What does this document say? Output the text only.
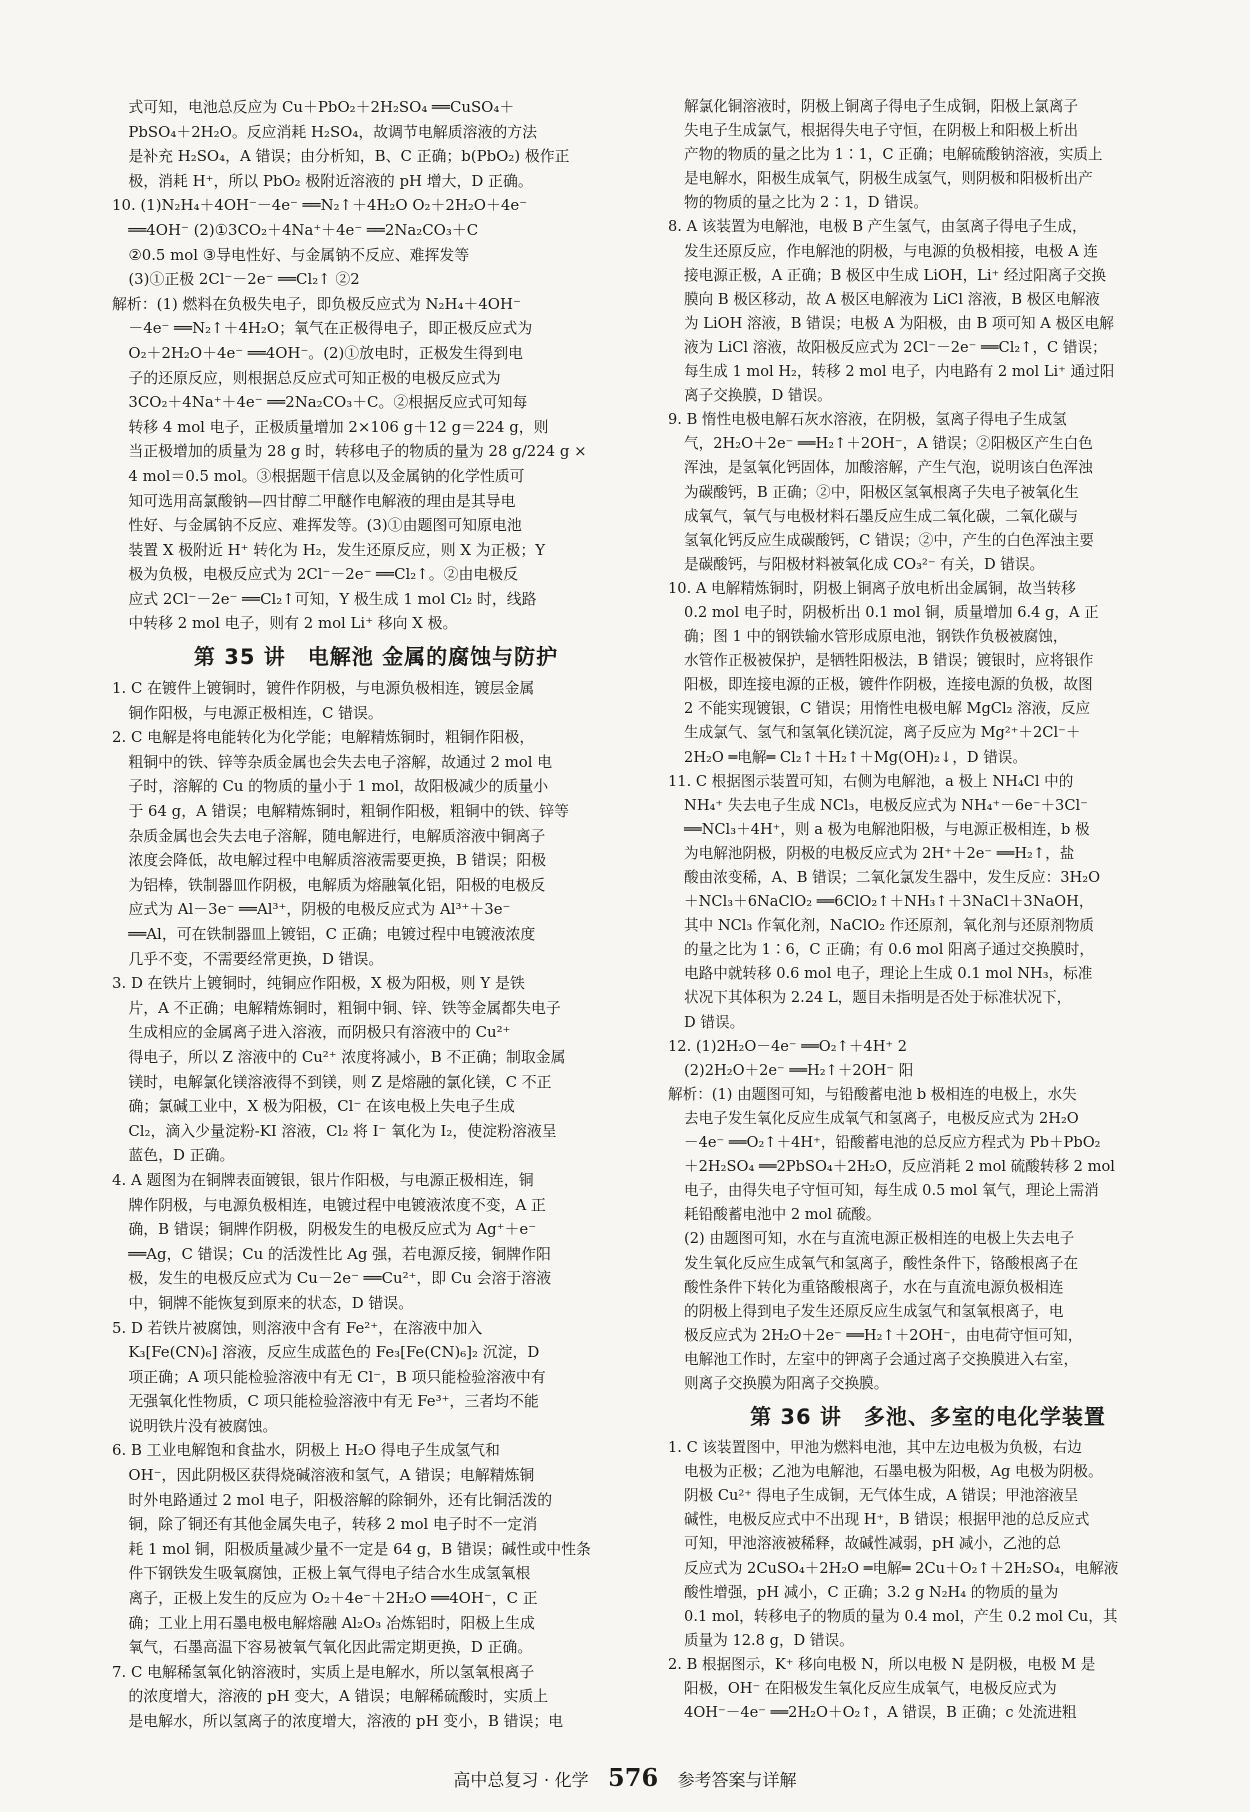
式可知，电池总反应为 Cu＋PbO₂＋2H₂SO₄ ══CuSO₄＋

PbSO₄＋2H₂O。反应消耗 H₂SO₄，故调节电解质溶液的方法

是补充 H₂SO₄，A 错误；由分析知，B、C 正确；b(PbO₂) 极作正

极，消耗 H⁺，所以 PbO₂ 极附近溶液的 pH 增大，D 正确。

10. (1)N₂H₄＋4OH⁻－4e⁻ ══N₂↑＋4H₂O O₂＋2H₂O＋4e⁻

══4OH⁻ (2)①3CO₂＋4Na⁺＋4e⁻ ══2Na₂CO₃＋C

②0.5 mol ③导电性好、与金属钠不反应、难挥发等

(3)①正极 2Cl⁻－2e⁻ ══Cl₂↑ ②2

解析：(1) 燃料在负极失电子，即负极反应式为 N₂H₄＋4OH⁻

－4e⁻ ══N₂↑＋4H₂O；氧气在正极得电子，即正极反应式为

O₂＋2H₂O＋4e⁻ ══4OH⁻。(2)①放电时，正极发生得到电

子的还原反应，则根据总反应式可知正极的电极反应式为

3CO₂＋4Na⁺＋4e⁻ ══2Na₂CO₃＋C。②根据反应式可知每

转移 4 mol 电子，正极质量增加 2×106 g＋12 g＝224 g，则

当正极增加的质量为 28 g 时，转移电子的物质的量为 28 g/224 g ×

4 mol＝0.5 mol。③根据题干信息以及金属钠的化学性质可

知可选用高氯酸钠—四甘醇二甲醚作电解液的理由是其导电

性好、与金属钠不反应、难挥发等。(3)①由题图可知原电池

装置 X 极附近 H⁺ 转化为 H₂，发生还原反应，则 X 为正极；Y

极为负极，电极反应式为 2Cl⁻－2e⁻ ══Cl₂↑。②由电极反

应式 2Cl⁻－2e⁻ ══Cl₂↑可知，Y 极生成 1 mol Cl₂ 时，线路

中转移 2 mol 电子，则有 2 mol Li⁺ 移向 X 极。

第 35 讲 电解池 金属的腐蚀与防护

1. C 在镀件上镀铜时，镀件作阴极，与电源负极相连，镀层金属

铜作阳极，与电源正极相连，C 错误。

2. C 电解是将电能转化为化学能；电解精炼铜时，粗铜作阳极，

粗铜中的铁、锌等杂质金属也会失去电子溶解，故通过 2 mol 电

子时，溶解的 Cu 的物质的量小于 1 mol，故阳极减少的质量小

于 64 g，A 错误；电解精炼铜时，粗铜作阳极，粗铜中的铁、锌等

杂质金属也会失去电子溶解，随电解进行，电解质溶液中铜离子

浓度会降低，故电解过程中电解质溶液需要更换，B 错误；阳极

为铝棒，铁制器皿作阴极，电解质为熔融氧化铝，阳极的电极反

应式为 Al－3e⁻ ══Al³⁺，阴极的电极反应式为 Al³⁺＋3e⁻

══Al，可在铁制器皿上镀铝，C 正确；电镀过程中电镀液浓度

几乎不变，不需要经常更换，D 错误。

3. D 在铁片上镀铜时，纯铜应作阳极，X 极为阳极，则 Y 是铁

片，A 不正确；电解精炼铜时，粗铜中铜、锌、铁等金属都失电子

生成相应的金属离子进入溶液，而阴极只有溶液中的 Cu²⁺

得电子，所以 Z 溶液中的 Cu²⁺ 浓度将减小，B 不正确；制取金属

镁时，电解氯化镁溶液得不到镁，则 Z 是熔融的氯化镁，C 不正

确；氯碱工业中，X 极为阳极，Cl⁻ 在该电极上失电子生成

Cl₂，滴入少量淀粉-KI 溶液，Cl₂ 将 I⁻ 氧化为 I₂，使淀粉溶液呈

蓝色，D 正确。

4. A 题图为在铜牌表面镀银，银片作阳极，与电源正极相连，铜

牌作阴极，与电源负极相连，电镀过程中电镀液浓度不变，A 正

确，B 错误；铜牌作阴极，阴极发生的电极反应式为 Ag⁺＋e⁻

══Ag，C 错误；Cu 的活泼性比 Ag 强，若电源反接，铜牌作阳

极，发生的电极反应式为 Cu－2e⁻ ══Cu²⁺，即 Cu 会溶于溶液

中，铜牌不能恢复到原来的状态，D 错误。

5. D 若铁片被腐蚀，则溶液中含有 Fe²⁺，在溶液中加入

K₃[Fe(CN)₆] 溶液，反应生成蓝色的 Fe₃[Fe(CN)₆]₂ 沉淀，D

项正确；A 项只能检验溶液中有无 Cl⁻，B 项只能检验溶液中有

无强氧化性物质，C 项只能检验溶液中有无 Fe³⁺，三者均不能

说明铁片没有被腐蚀。

6. B 工业电解饱和食盐水，阴极上 H₂O 得电子生成氢气和

OH⁻，因此阴极区获得烧碱溶液和氢气，A 错误；电解精炼铜

时外电路通过 2 mol 电子，阳极溶解的除铜外，还有比铜活泼的

铜，除了铜还有其他金属失电子，转移 2 mol 电子时不一定消

耗 1 mol 铜，阳极质量减少量不一定是 64 g，B 错误；碱性或中性条

件下钢铁发生吸氧腐蚀，正极上氧气得电子结合水生成氢氧根

离子，正极上发生的反应为 O₂＋4e⁻＋2H₂O ══4OH⁻，C 正

确；工业上用石墨电极电解熔融 Al₂O₃ 冶炼铝时，阳极上生成

氧气，石墨高温下容易被氧气氧化因此需定期更换，D 正确。

7. C 电解稀氢氧化钠溶液时，实质上是电解水，所以氢氧根离子

的浓度增大，溶液的 pH 变大，A 错误；电解稀硫酸时，实质上

是电解水，所以氢离子的浓度增大，溶液的 pH 变小，B 错误；电

解氯化铜溶液时，阴极上铜离子得电子生成铜，阳极上氯离子

失电子生成氯气，根据得失电子守恒，在阴极上和阳极上析出

产物的物质的量之比为 1∶1，C 正确；电解硫酸钠溶液，实质上

是电解水，阳极生成氧气，阴极生成氢气，则阴极和阳极析出产

物的物质的量之比为 2∶1，D 错误。

8. A 该装置为电解池，电极 B 产生氢气，由氢离子得电子生成，

发生还原反应，作电解池的阴极，与电源的负极相接，电极 A 连

接电源正极，A 正确；B 极区中生成 LiOH，Li⁺ 经过阳离子交换

膜向 B 极区移动，故 A 极区电解液为 LiCl 溶液，B 极区电解液

为 LiOH 溶液，B 错误；电极 A 为阳极，由 B 项可知 A 极区电解

液为 LiCl 溶液，故阳极反应式为 2Cl⁻－2e⁻ ══Cl₂↑，C 错误；

每生成 1 mol H₂，转移 2 mol 电子，内电路有 2 mol Li⁺ 通过阳

离子交换膜，D 错误。

9. B 惰性电极电解石灰水溶液，在阴极，氢离子得电子生成氢

气，2H₂O＋2e⁻ ══H₂↑＋2OH⁻，A 错误；②阳极区产生白色

浑浊，是氢氧化钙固体，加酸溶解，产生气泡，说明该白色浑浊

为碳酸钙，B 正确；②中，阳极区氢氧根离子失电子被氧化生

成氧气，氧气与电极材料石墨反应生成二氧化碳，二氧化碳与

氢氧化钙反应生成碳酸钙，C 错误；②中，产生的白色浑浊主要

是碳酸钙，与阳极材料被氧化成 CO₃²⁻ 有关，D 错误。

10. A 电解精炼铜时，阴极上铜离子放电析出金属铜，故当转移

0.2 mol 电子时，阴极析出 0.1 mol 铜，质量增加 6.4 g，A 正

确；图 1 中的钢铁输水管形成原电池，钢铁作负极被腐蚀，

水管作正极被保护，是牺牲阳极法，B 错误；镀银时，应将银作

阳极，即连接电源的正极，镀件作阴极，连接电源的负极，故图

2 不能实现镀银，C 错误；用惰性电极电解 MgCl₂ 溶液，反应

生成氯气、氢气和氢氧化镁沉淀，离子反应为 Mg²⁺＋2Cl⁻＋

2H₂O ═电解═ Cl₂↑＋H₂↑＋Mg(OH)₂↓，D 错误。

11. C 根据图示装置可知，右侧为电解池，a 极上 NH₄Cl 中的

NH₄⁺ 失去电子生成 NCl₃，电极反应式为 NH₄⁺－6e⁻＋3Cl⁻

══NCl₃＋4H⁺，则 a 极为电解池阳极，与电源正极相连，b 极

为电解池阴极，阴极的电极反应式为 2H⁺＋2e⁻ ══H₂↑，盐

酸由浓变稀，A、B 错误；二氧化氯发生器中，发生反应：3H₂O

＋NCl₃＋6NaClO₂ ══6ClO₂↑＋NH₃↑＋3NaCl＋3NaOH，

其中 NCl₃ 作氧化剂，NaClO₂ 作还原剂，氧化剂与还原剂物质

的量之比为 1∶6，C 正确；有 0.6 mol 阳离子通过交换膜时，

电路中就转移 0.6 mol 电子，理论上生成 0.1 mol NH₃，标准

状况下其体积为 2.24 L，题目未指明是否处于标准状况下，

D 错误。

12. (1)2H₂O－4e⁻ ══O₂↑＋4H⁺ 2

(2)2H₂O＋2e⁻ ══H₂↑＋2OH⁻ 阳

解析：(1) 由题图可知，与铅酸蓄电池 b 极相连的电极上，水失

去电子发生氧化反应生成氧气和氢离子，电极反应式为 2H₂O

－4e⁻ ══O₂↑＋4H⁺，铅酸蓄电池的总反应方程式为 Pb＋PbO₂

＋2H₂SO₄ ══2PbSO₄＋2H₂O，反应消耗 2 mol 硫酸转移 2 mol

电子，由得失电子守恒可知，每生成 0.5 mol 氧气，理论上需消

耗铅酸蓄电池中 2 mol 硫酸。

(2) 由题图可知，水在与直流电源正极相连的电极上失去电子

发生氧化反应生成氧气和氢离子，酸性条件下，铬酸根离子在

酸性条件下转化为重铬酸根离子，水在与直流电源负极相连

的阴极上得到电子发生还原反应生成氢气和氢氧根离子，电

极反应式为 2H₂O＋2e⁻ ══H₂↑＋2OH⁻，由电荷守恒可知，

电解池工作时，左室中的钾离子会通过离子交换膜进入右室，

则离子交换膜为阳离子交换膜。

第 36 讲 多池、多室的电化学装置

1. C 该装置图中，甲池为燃料电池，其中左边电极为负极，右边

电极为正极；乙池为电解池，石墨电极为阳极，Ag 电极为阴极。

阴极 Cu²⁺ 得电子生成铜，无气体生成，A 错误；甲池溶液呈

碱性，电极反应式中不出现 H⁺，B 错误；根据甲池的总反应式

可知，甲池溶液被稀释，故碱性减弱，pH 减小，乙池的总

反应式为 2CuSO₄＋2H₂O ═电解═ 2Cu＋O₂↑＋2H₂SO₄，电解液

酸性增强，pH 减小，C 正确；3.2 g N₂H₄ 的物质的量为

0.1 mol，转移电子的物质的量为 0.4 mol，产生 0.2 mol Cu，其

质量为 12.8 g，D 错误。

2. B 根据图示，K⁺ 移向电极 N，所以电极 N 是阴极，电极 M 是

阳极，OH⁻ 在阳极发生氧化反应生成氧气，电极反应式为

4OH⁻－4e⁻ ══2H₂O＋O₂↑，A 错误，B 正确；c 处流进粗

高中总复习 · 化学 576 参考答案与详解
